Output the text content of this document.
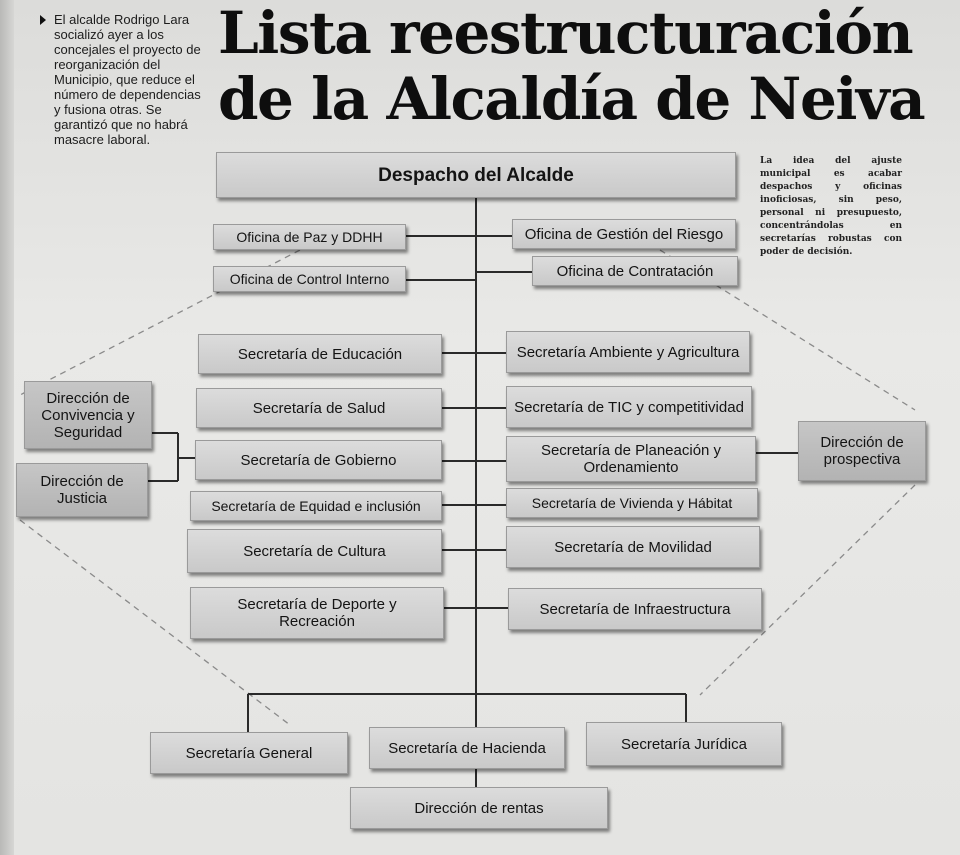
El alcalde Rodrigo Lara socializó ayer a los concejales el proyecto de reorganización del Municipio, que reduce el número de dependencias y fusiona otras. Se garantizó que no habrá masacre laboral.

Lista reestructuración
de la Alcaldía de Neiva
La idea del ajuste municipal es acabar despachos y oficinas inoficiosas, sin peso, personal ni presupuesto, concentrándolas en secretarías robustas con poder de decisión.
Despacho del Alcalde
Oficina de Paz y DDHH
Oficina de Control Interno
Oficina de Gestión del Riesgo
Oficina de Contratación
Secretaría de Educación
Secretaría de Salud
Secretaría de Gobierno
Secretaría de Equidad e inclusión
Secretaría de Cultura
Secretaría de Deporte y Recreación
Secretaría Ambiente y Agricultura
Secretaría de TIC y competitividad
Secretaría de Planeación y Ordenamiento
Secretaría de Vivienda y Hábitat
Secretaría de Movilidad
Secretaría de Infraestructura
Dirección de Convivencia y Seguridad
Dirección de Justicia
Dirección de prospectiva
Secretaría General	Secretaría de Hacienda	Secretaría Jurídica
Dirección de rentas
